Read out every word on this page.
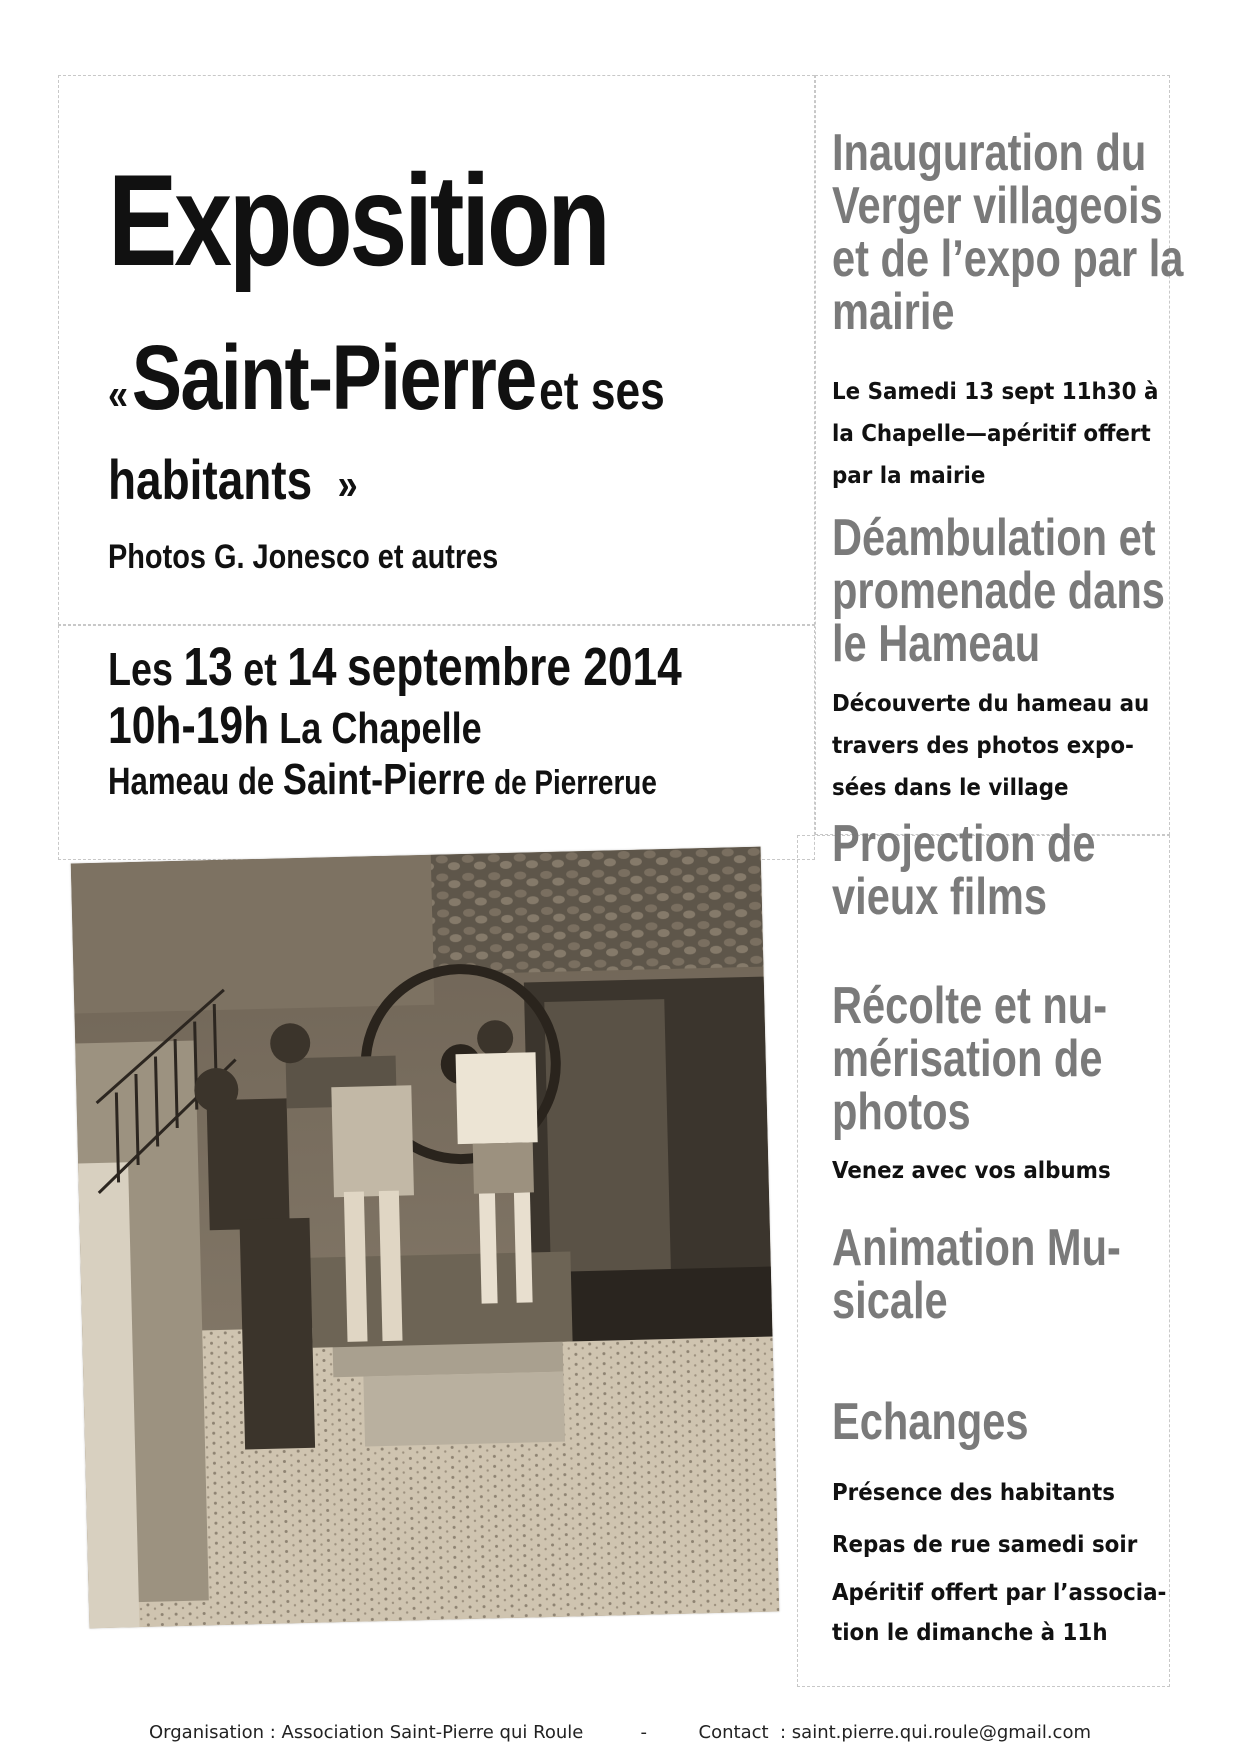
Exposition
« Saint-Pierre et ses
habitants »
Photos G. Jonesco et autres
Les 13 et 14 septembre 2014
10h-19h La Chapelle
Hameau de Saint-Pierre de Pierrerue
Inauguration du
Verger villageois
et de l’expo par la
mairie
Le Samedi 13 sept 11h30 à
la Chapelle—apéritif offert
par la mairie
Déambulation et
promenade dans
le Hameau
Découverte du hameau au
travers des photos expo-
sées dans le village
Projection de
vieux films
Récolte et nu-
mérisation de
photos
Venez avec vos albums
Animation Mu-
sicale
Echanges
Présence des habitants
Repas de rue samedi soir
Apéritif offert par l’associa-
tion le dimanche à 11h
Organisation : Association Saint-Pierre qui Roule	-	Contact  : saint.pierre.qui.roule@gmail.com
